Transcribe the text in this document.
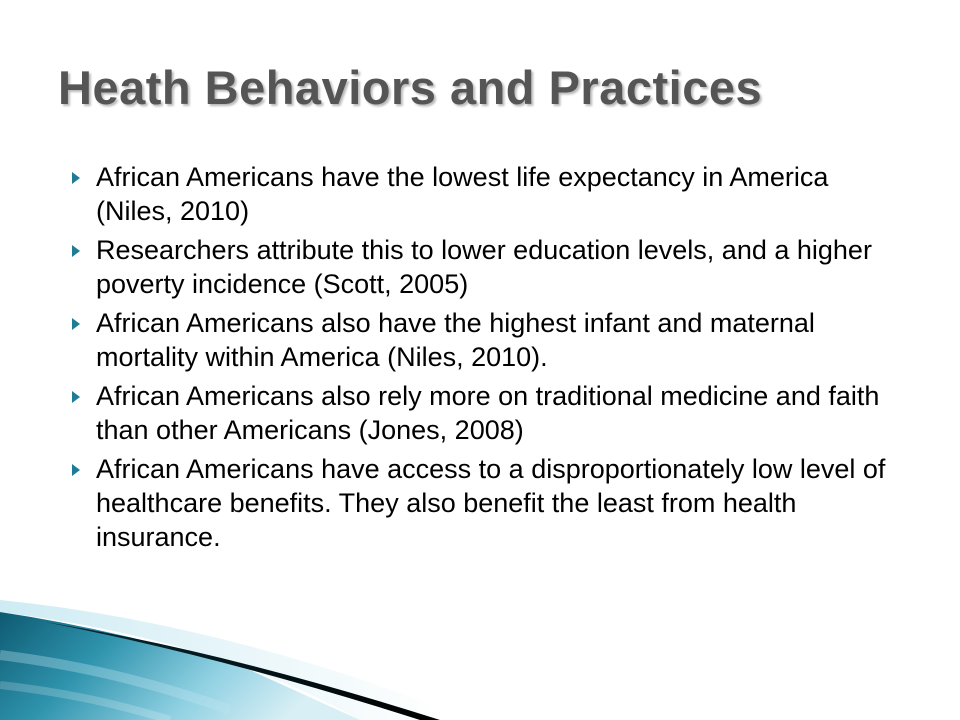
Heath Behaviors and Practices
African Americans have the lowest life expectancy in America (Niles, 2010)
Researchers attribute this to lower education levels, and a higher poverty incidence (Scott, 2005)
African Americans also have the highest infant and maternal mortality within America (Niles, 2010).
African Americans also rely more on traditional medicine and faith than other Americans (Jones, 2008)
African Americans have access to a disproportionately low level of healthcare benefits. They also benefit the least from health insurance.
